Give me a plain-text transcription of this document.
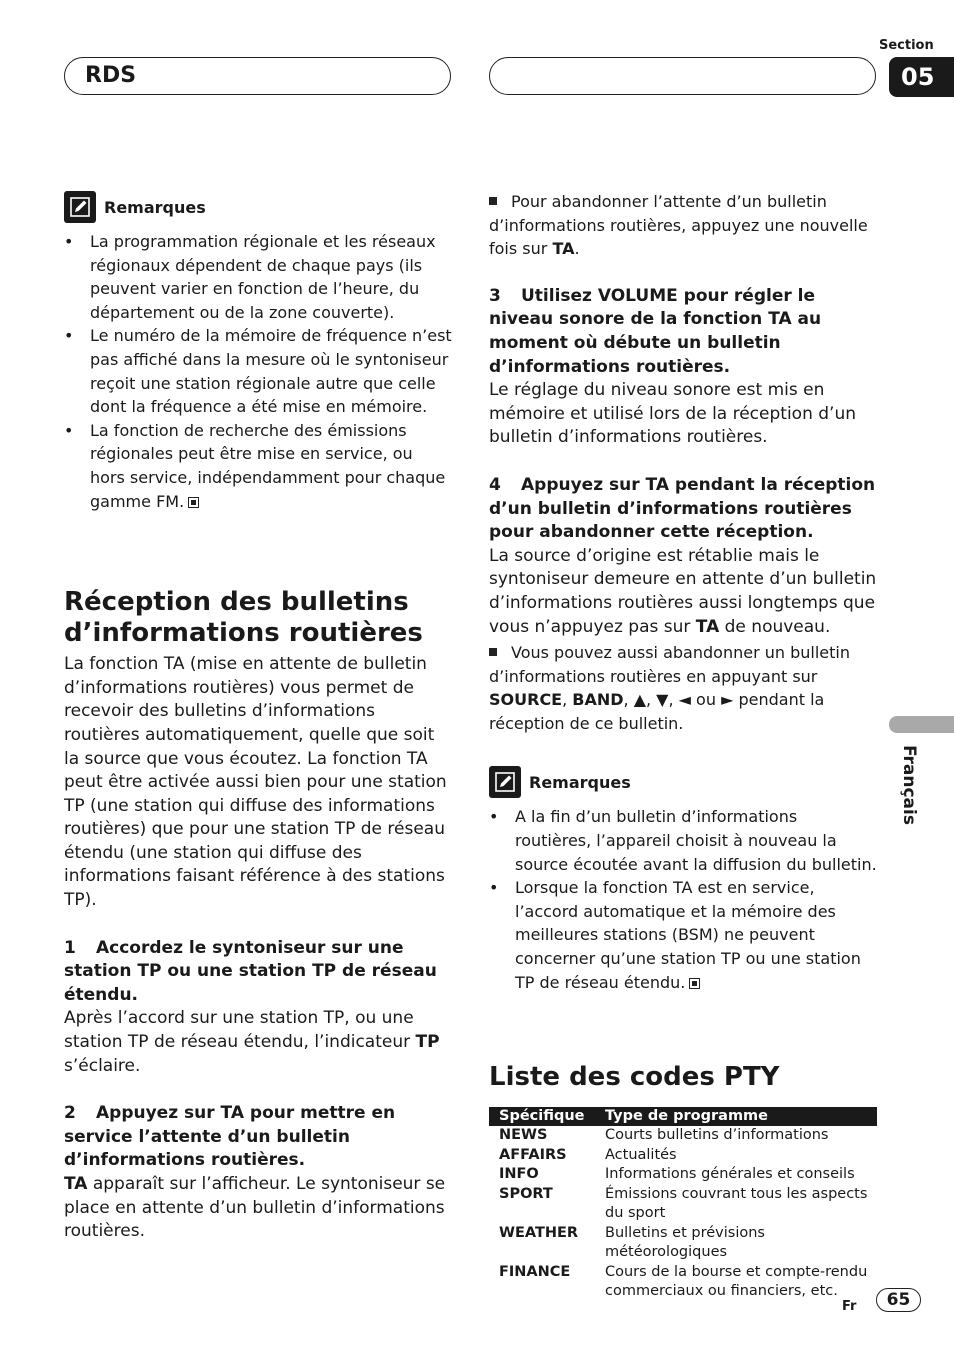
RDS
Section
05
Remarques
• La programmation régionale et les réseaux régionaux dépendent de chaque pays (ils peuvent varier en fonction de l’heure, du département ou de la zone couverte).
• Le numéro de la mémoire de fréquence n’est pas affiché dans la mesure où le syntoniseur reçoit une station régionale autre que celle dont la fréquence a été mise en mémoire.
• La fonction de recherche des émissions régionales peut être mise en service, ou hors service, indépendamment pour chaque gamme FM.
Réception des bulletins d’informations routières

La fonction TA (mise en attente de bulletin d’informations routières) vous permet de recevoir des bulletins d’informations routières automatiquement, quelle que soit la source que vous écoutez. La fonction TA peut être activée aussi bien pour une station TP (une station qui diffuse des informations routières) que pour une station TP de réseau étendu (une station qui diffuse des informations faisant référence à des stations TP).

1 Accordez le syntoniseur sur une station TP ou une station TP de réseau étendu.

Après l’accord sur une station TP, ou une station TP de réseau étendu, l’indicateur TP s’éclaire.

2 Appuyez sur TA pour mettre en service l’attente d’un bulletin d’informations routières.

TA apparaît sur l’afficheur. Le syntoniseur se place en attente d’un bulletin d’informations routières.

Pour abandonner l’attente d’un bulletin d’informations routières, appuyez une nouvelle fois sur TA.

3 Utilisez VOLUME pour régler le niveau sonore de la fonction TA au moment où débute un bulletin d’informations routières.

Le réglage du niveau sonore est mis en mémoire et utilisé lors de la réception d’un bulletin d’informations routières.

4 Appuyez sur TA pendant la réception d’un bulletin d’informations routières pour abandonner cette réception.

La source d’origine est rétablie mais le syntoniseur demeure en attente d’un bulletin d’informations routières aussi longtemps que vous n’appuyez pas sur TA de nouveau.

Vous pouvez aussi abandonner un bulletin d’informations routières en appuyant sur SOURCE, BAND, ▲, ▼, ◄ ou ► pendant la réception de ce bulletin.
Remarques
• A la fin d’un bulletin d’informations routières, l’appareil choisit à nouveau la source écoutée avant la diffusion du bulletin.
• Lorsque la fonction TA est en service, l’accord automatique et la mémoire des meilleures stations (BSM) ne peuvent concerner qu’une station TP ou une station TP de réseau étendu.
Liste des codes PTY
Spécifique	Type de programme
NEWS	Courts bulletins d’informations
AFFAIRS	Actualités
INFO	Informations générales et conseils
SPORT	Émissions couvrant tous les aspects du sport
WEATHER	Bulletins et prévisions météorologiques
FINANCE	Cours de la bourse et compte-rendu commerciaux ou financiers, etc.
Français
Fr	65
